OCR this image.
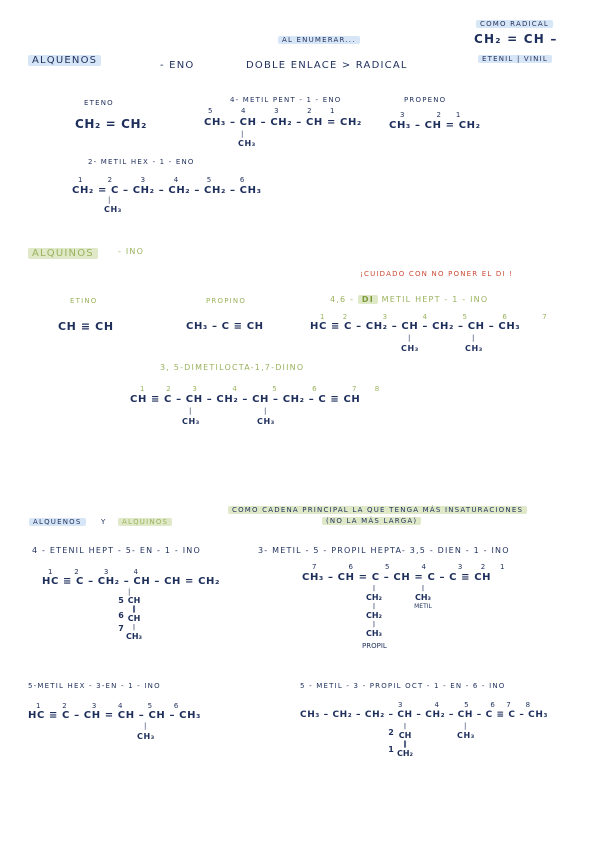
AL ENUMERAR...
COMO RADICAL
CH₂ = CH –
ETENIL | VINIL
ALQUENOS	- ENO	DOBLE ENLACE > RADICAL
ETENO
CH₂ = CH₂
4- METIL PENT - 1 - ENO
5        4        3        2     1
CH₃ – CH – CH₂ – CH = CH₂
|
CH₃
PROPENO
3         2    1
CH₃ – CH = CH₂
2- METIL HEX - 1 - ENO
1       2        3        4        5        6
CH₂ = C – CH₂ – CH₂ – CH₂ – CH₃
|
CH₃
ALQUINOS	- INO
¡CUIDADO CON NO PONER EL DI !
ETINO
CH ≡ CH
PROPINO
CH₃ – C ≡ CH
4,6 - DI METIL HEPT - 1 - INO
1     2          3          4          5          6          7
HC ≡ C – CH₂ – CH – CH₂ – CH – CH₃
|
CH₃
|
CH₃
3, 5-DIMETILOCTA-1,7-DIINO
1      2      3          4          5          6          7     8
CH ≡ C – CH – CH₂ – CH – CH₂ – C ≡ CH
|
CH₃
|
CH₃
ALQUENOS	Y	ALQUINOS
COMO CADENA PRINCIPAL LA QUE TENGA MÁS INSATURACIONES
(NO LA MÁS LARGA)
4 - ETENIL HEPT - 5- EN - 1 - INO
1      2       3       4
HC ≡ C – CH₂ – CH – CH = CH₂
|
5
6
7
CH
‖
CH
|
CH₃
3- METIL - 5 - PROPIL HEPTA- 3,5 - DIEN - 1 - INO
7         6         5         4         3     2    1
CH₃ – CH = C – CH = C – C ≡ CH
|
CH₂
|
CH₂
|
CH₃
PROPIL
|
CH₃
METIL
5-METIL HEX - 3-EN - 1 - INO
1      2       3      4       5      6
HC ≡ C – CH = CH – CH – CH₃
|
CH₃
5 - METIL - 3 - PROPIL OCT - 1 - EN - 6 - INO
3         4       5      6   7    8
CH₃ – CH₂ – CH₂ – CH – CH₂ – CH – C ≡ C – CH₃
2
1
|
CH
‖
CH₂
|
CH₃
